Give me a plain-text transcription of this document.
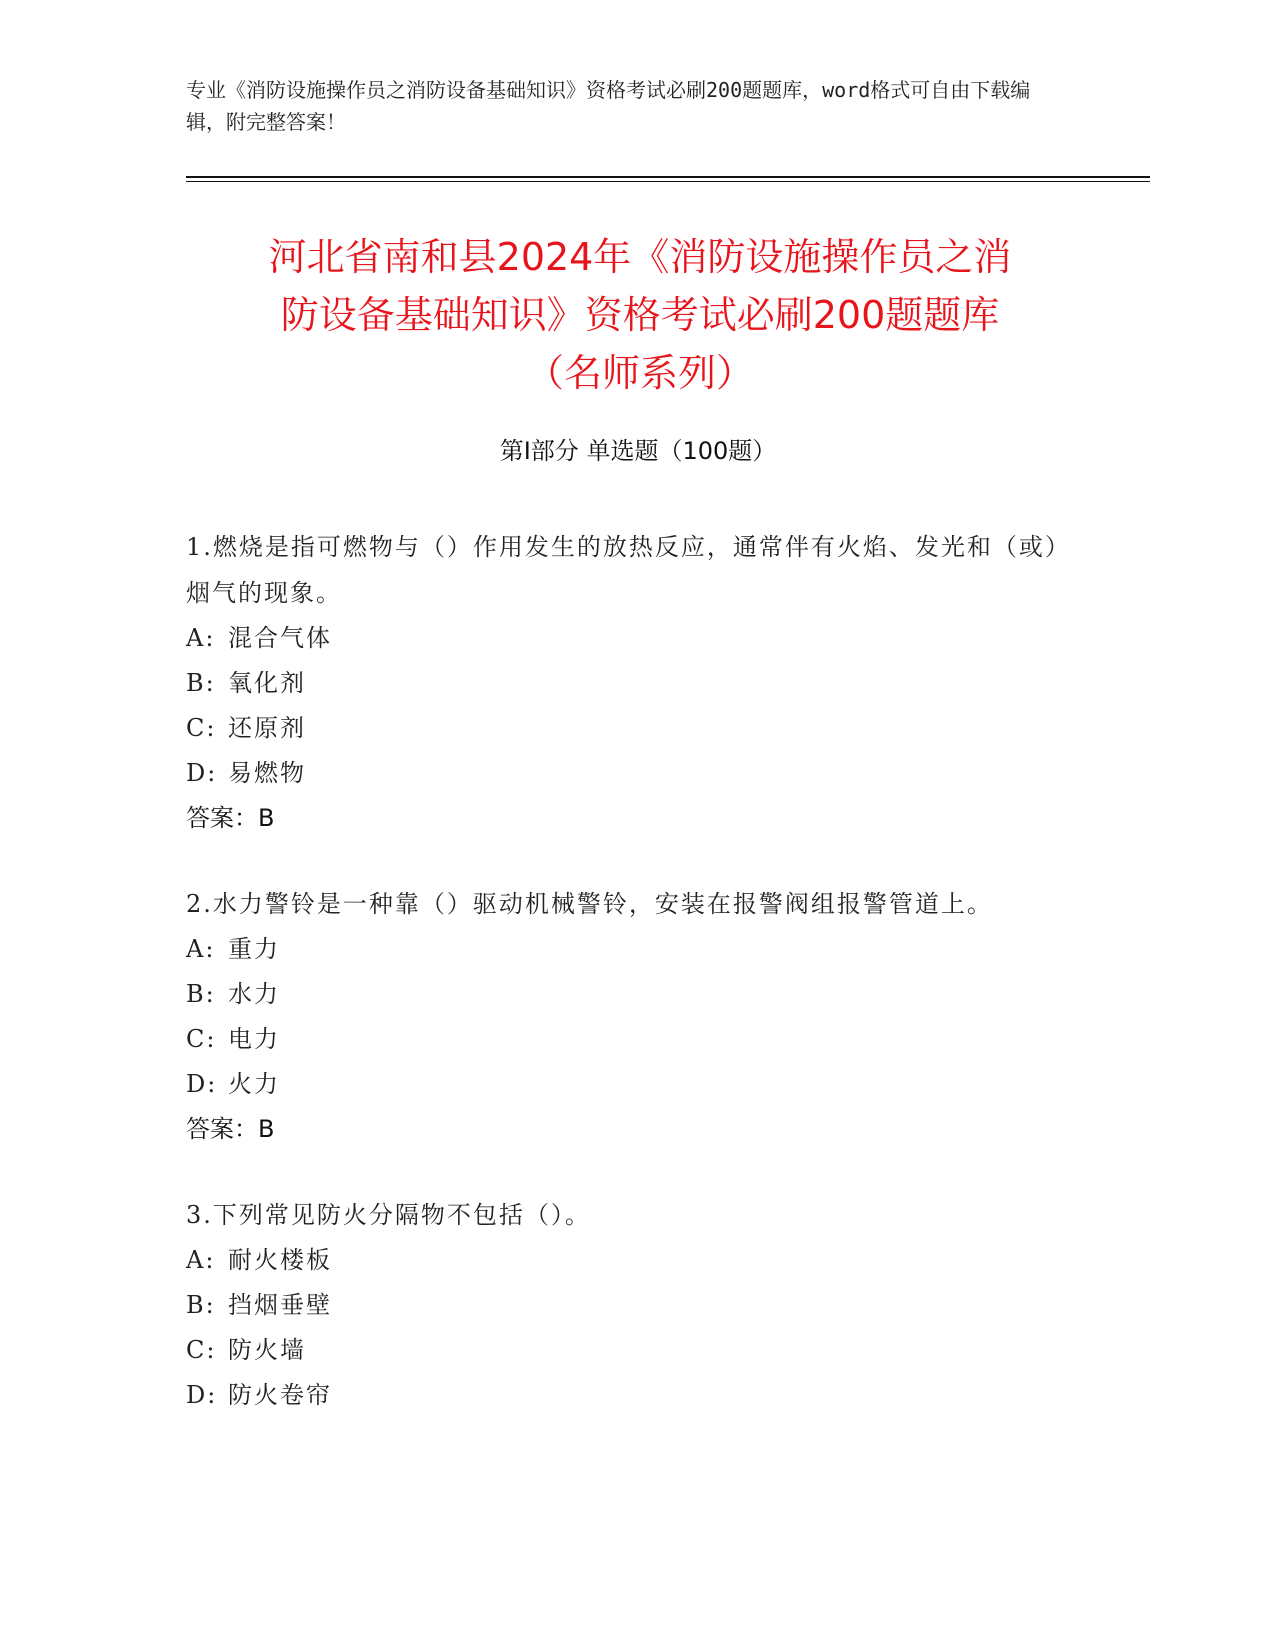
专业《消防设施操作员之消防设备基础知识》资格考试必刷200题题库，word格式可自由下载编辑，附完整答案！
河北省南和县2024年《消防设施操作员之消
防设备基础知识》资格考试必刷200题题库
（名师系列）
第Ⅰ部分 单选题（100题）
1.燃烧是指可燃物与（）作用发生的放热反应，通常伴有火焰、发光和（或）烟气的现象。
A: 混合气体
B: 氧化剂
C: 还原剂
D: 易燃物
答案：B
2.水力警铃是一种靠（）驱动机械警铃，安装在报警阀组报警管道上。
A: 重力
B: 水力
C: 电力
D: 火力
答案：B
3.下列常见防火分隔物不包括（）。
A: 耐火楼板
B: 挡烟垂壁
C: 防火墙
D: 防火卷帘
